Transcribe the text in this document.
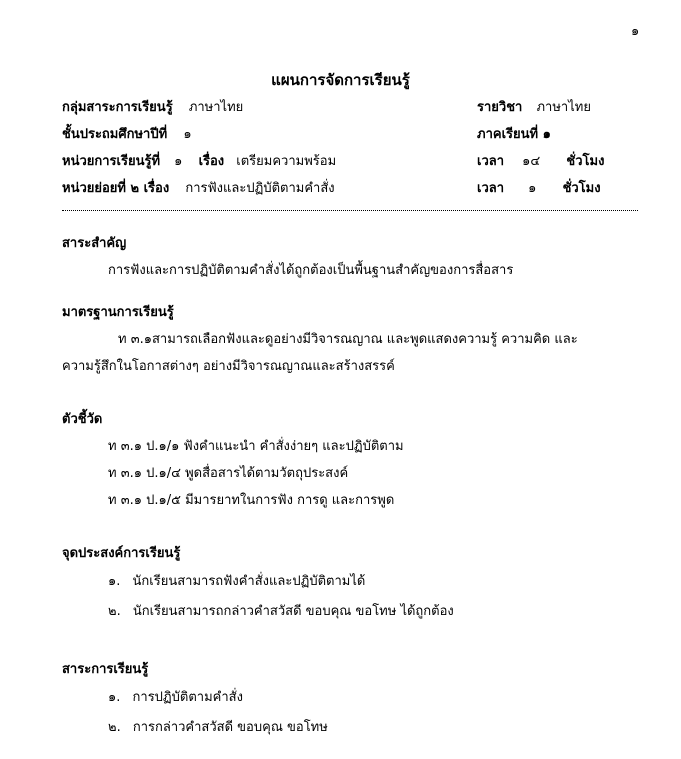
๑
แผนการจัดการเรียนรู้
กลุ่มสาระการเรียนรู้ ภาษาไทย	รายวิชา ภาษาไทย
ชั้นประถมศึกษาปีที่ ๑	ภาคเรียนที่ ๑
หน่วยการเรียนรู้ที่ ๑ เรื่อง เตรียมความพร้อม	เวลา ๑๔ ชั่วโมง
หน่วยย่อยที่ ๒ เรื่อง การฟังและปฏิบัติตามคำสั่ง	เวลา ๑ ชั่วโมง
สาระสำคัญ
การฟังและการปฏิบัติตามคำสั่งได้ถูกต้องเป็นพื้นฐานสำคัญของการสื่อสาร
มาตรฐานการเรียนรู้
ท ๓.๑สามารถเลือกฟังและดูอย่างมีวิจารณญาณ และพูดแสดงความรู้ ความคิด และ
ความรู้สึกในโอกาสต่างๆ อย่างมีวิจารณญาณและสร้างสรรค์
ตัวชี้วัด
ท ๓.๑ ป.๑/๑ ฟังคำแนะนำ คำสั่งง่ายๆ และปฏิบัติตาม
ท ๓.๑ ป.๑/๔ พูดสื่อสารได้ตามวัตถุประสงค์
ท ๓.๑ ป.๑/๕ มีมารยาทในการฟัง การดู และการพูด
จุดประสงค์การเรียนรู้
๑. นักเรียนสามารถฟังคำสั่งและปฏิบัติตามได้
๒. นักเรียนสามารถกล่าวคำสวัสดี ขอบคุณ ขอโทษ ได้ถูกต้อง
สาระการเรียนรู้
๑. การปฏิบัติตามคำสั่ง
๒. การกล่าวคำสวัสดี ขอบคุณ ขอโทษ
